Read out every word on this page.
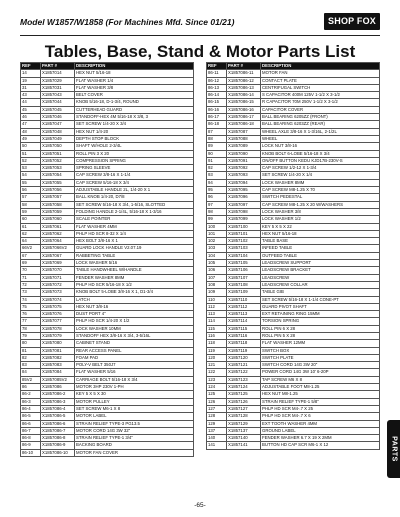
Model W1857/W1858 (For Machines Mfd. Since 01/21)	SHOP FOX
Tables, Base, Stand & Motor Parts List
REF	PART #	DESCRIPTION
14	X1857014	HEX NUT 5/16-18
19	X1857029	FLAT WASHER 1/4
31	X1857031	FLAT WASHER 3/8
43	X1857043	BELT COVER
44	X1857044	KNOB 5/16-18, D-1-3/4, ROUND
45	X1857045	CUTTERHEAD GUARD
46	X1857046	STANDOFF-HEX 4M 5/16-18 X 3/8, 3
47	X1857047	SET SCREW 1/4-20 X 3/4
48	X1857048	HEX NUT 1/4-20
49	X1857049	DEPTH STOP BLOCK
50	X1857050	SHAFT W/HOLE 2-3/4L
51	X1857051	ROLL PIN 3 X 20
52	X1857052	COMPRESSION SPRING
53	X1857053	SPRING SLEEVE
54	X1857054	CAP SCREW 3/8-16 X 1-1/4
55	X1857055	CAP SCREW 5/16-18 X 3/4
56	X1857056	ADJUSTABLE HANDLE 2L, 1/4-20 X 1
57	X1857057	BALL KNOB 1/4-20, D7/8
58	X1857058	SET SCREW 5/16-18 X 3/4, 1-5/16, SLOTTED
59	X1857059	FOLDING HANDLE 2-1/4L, 5/16-18 X 1-3/16
60	X1857060	SCALE POINTER
61	X1857061	FLAT WASHER 4MM
62	X1857062	PHLP HD SCR 8-32 X 1/4
64	X1857064	HEX BOLT 3/8-16 X 1
66V2	X1857066V2	GUARD LOCK HANDLE V2.07.19
67	X1857067	RABBETING TABLE
69	X1857069	LOCK WASHER 5/16
70	X1857070	TABLE HANDWHEEL W/HANDLE
71	X1857071	FENDER WASHER 8MM
72	X1857072	PHLP HD SCR 5/16-18 X 1/2
73	X1857073	KNOB BOLT 5-LOBE 3/8-16 X 1, D1-3/4
74	X1857074	LATCH
75	X1857075	HEX NUT 3/8-16
76	X1857076	DUST PORT 4"
77	X1857077	PHLP HD SCR 1/4-20 X 1/2
78	X1857078	LOCK WASHER 10MM
79	X1857079	STANDOFF HEX 3/8-16 X 3/4, 3-5/16L
80	X1857080	CABINET STAND
81	X1857081	REAR ACCESS PANEL
82	X1857082	FOAM PAD
83	X1857083	POLY-V BELT 350J7
84	X1857084	FLAT WASHER 5/16
85V2	X1857085V2	CARRIAGE BOLT 5/16-18 X 3/4
86	X1857086	MOTOR 3HP 230V 1-PH
86-2	X1857086-2	KEY 5 X 5 X 30
86-3	X1857086-3	MOTOR PULLEY
86-4	X1857086-4	SET SCREW M6-1 X 8
86-5	X1857086-5	MOTOR LABEL
86-6	X1857086-6	STRAIN RELIEF TYPE-3 PG13.5
86-7	X1857086-7	MOTOR CORD 14G 3W 32"
86-8	X1857086-8	STRAIN RELIEF TYPE-1 3/4"
86-9	X1857086-9	BACKING BOARD
86-10	X1857086-10	MOTOR FAN COVER
REF	PART #	DESCRIPTION
86-11	X1857086-11	MOTOR FAN
86-12	X1857086-12	CONTACT PLATE
86-13	X1857086-13	CENTRIFUGAL SWITCH
86-14	X1857086-14	S CAPACITOR 400M 125V 1-1/2 X 3-1/2
86-15	X1857086-15	R CAPACITOR 70M 250V 1-1/2 X 3-1/2
86-16	X1857086-16	CAPACITOR COVER
86-17	X1857086-17	BALL BEARING 6205ZZ (FRONT)
86-18	X1857086-18	BALL BEARING 6203ZZ (REAR)
87	X1857087	WHEEL AXLE 3/8-16 X 1-3/16L, 2-1/2L
88	X1857088	WHEEL
89	X1857089	LOCK NUT 3/8-16
90	X1857090	KNOB BOLT 6-LOBE 5/16-18 X 3/4
91	X1857091	ON/OFF BUTTON KEDU KJD17B-230V-S
92	X1857092	CAP SCREW 1/2-12 X 1-3/4
93	X1857093	SET SCREW 1/4-20 X 1/4
94	X1857094	LOCK WASHER 8MM
95	X1857095	CAP SCREW M8-1.25 X 70
96	X1857096	SWITCH PEDESTAL
97	X1857097	CAP SCREW M8-1.25 X 20 W/WASHERS
98	X1857098	LOCK WASHER 3/8
99	X1857099	LOCK WASHER 1/2
100	X1857100	KEY 5 X 5 X 22
101	X1857101	HEX NUT 5/16-18
102	X1857102	TABLE BASE
103	X1857103	INFEED TABLE
104	X1857104	OUTFEED TABLE
105	X1857105	LEADSCREW SUPPORT
106	X1857106	LEADSCREW BRACKET
107	X1857107	LEADSCREW
108	X1857108	LEADSCREW COLLAR
109	X1857109	TABLE GIB
110	X1857110	SET SCREW 5/16-18 X 1-1/4 CONE-PT
112	X1857112	GUARD PIVOT SHAFT
113	X1857113	EXT RETAINING RING 15MM
114	X1857114	TORSION SPRING
115	X1857115	ROLL PIN 6 X 28
116	X1857116	ROLL PIN 5 X 28
118	X1857118	FLAT WASHER 12MM
119	X1857119	SWITCH BOX
120	X1857120	SWITCH PLATE
121	X1857121	SWITCH CORD 14G 3W 20"
122	X1857122	POWER CORD 14G 3W 10' 6-20P
123	X1857123	TAP SCREW M6 X 8
124	X1857124	ADJUSTABLE FOOT M8-1.25
125	X1857125	HEX NUT M8-1.25
126	X1857126	STRAIN RELIEF TYPE-1 5/8"
127	X1857127	PHLP HD SCR M4-.7 X 25
128	X1857128	PHLP HD SCR M4-.7 X 6
129	X1857129	EXT TOOTH WASHER 4MM
137	X1857137	GROUND LABEL
140	X1857140	FENDER WASHER 6.7 X 19 X 2MM
141	X1857141	BUTTON HD CAP SCR M6-1 X 12
-65-
PARTS
